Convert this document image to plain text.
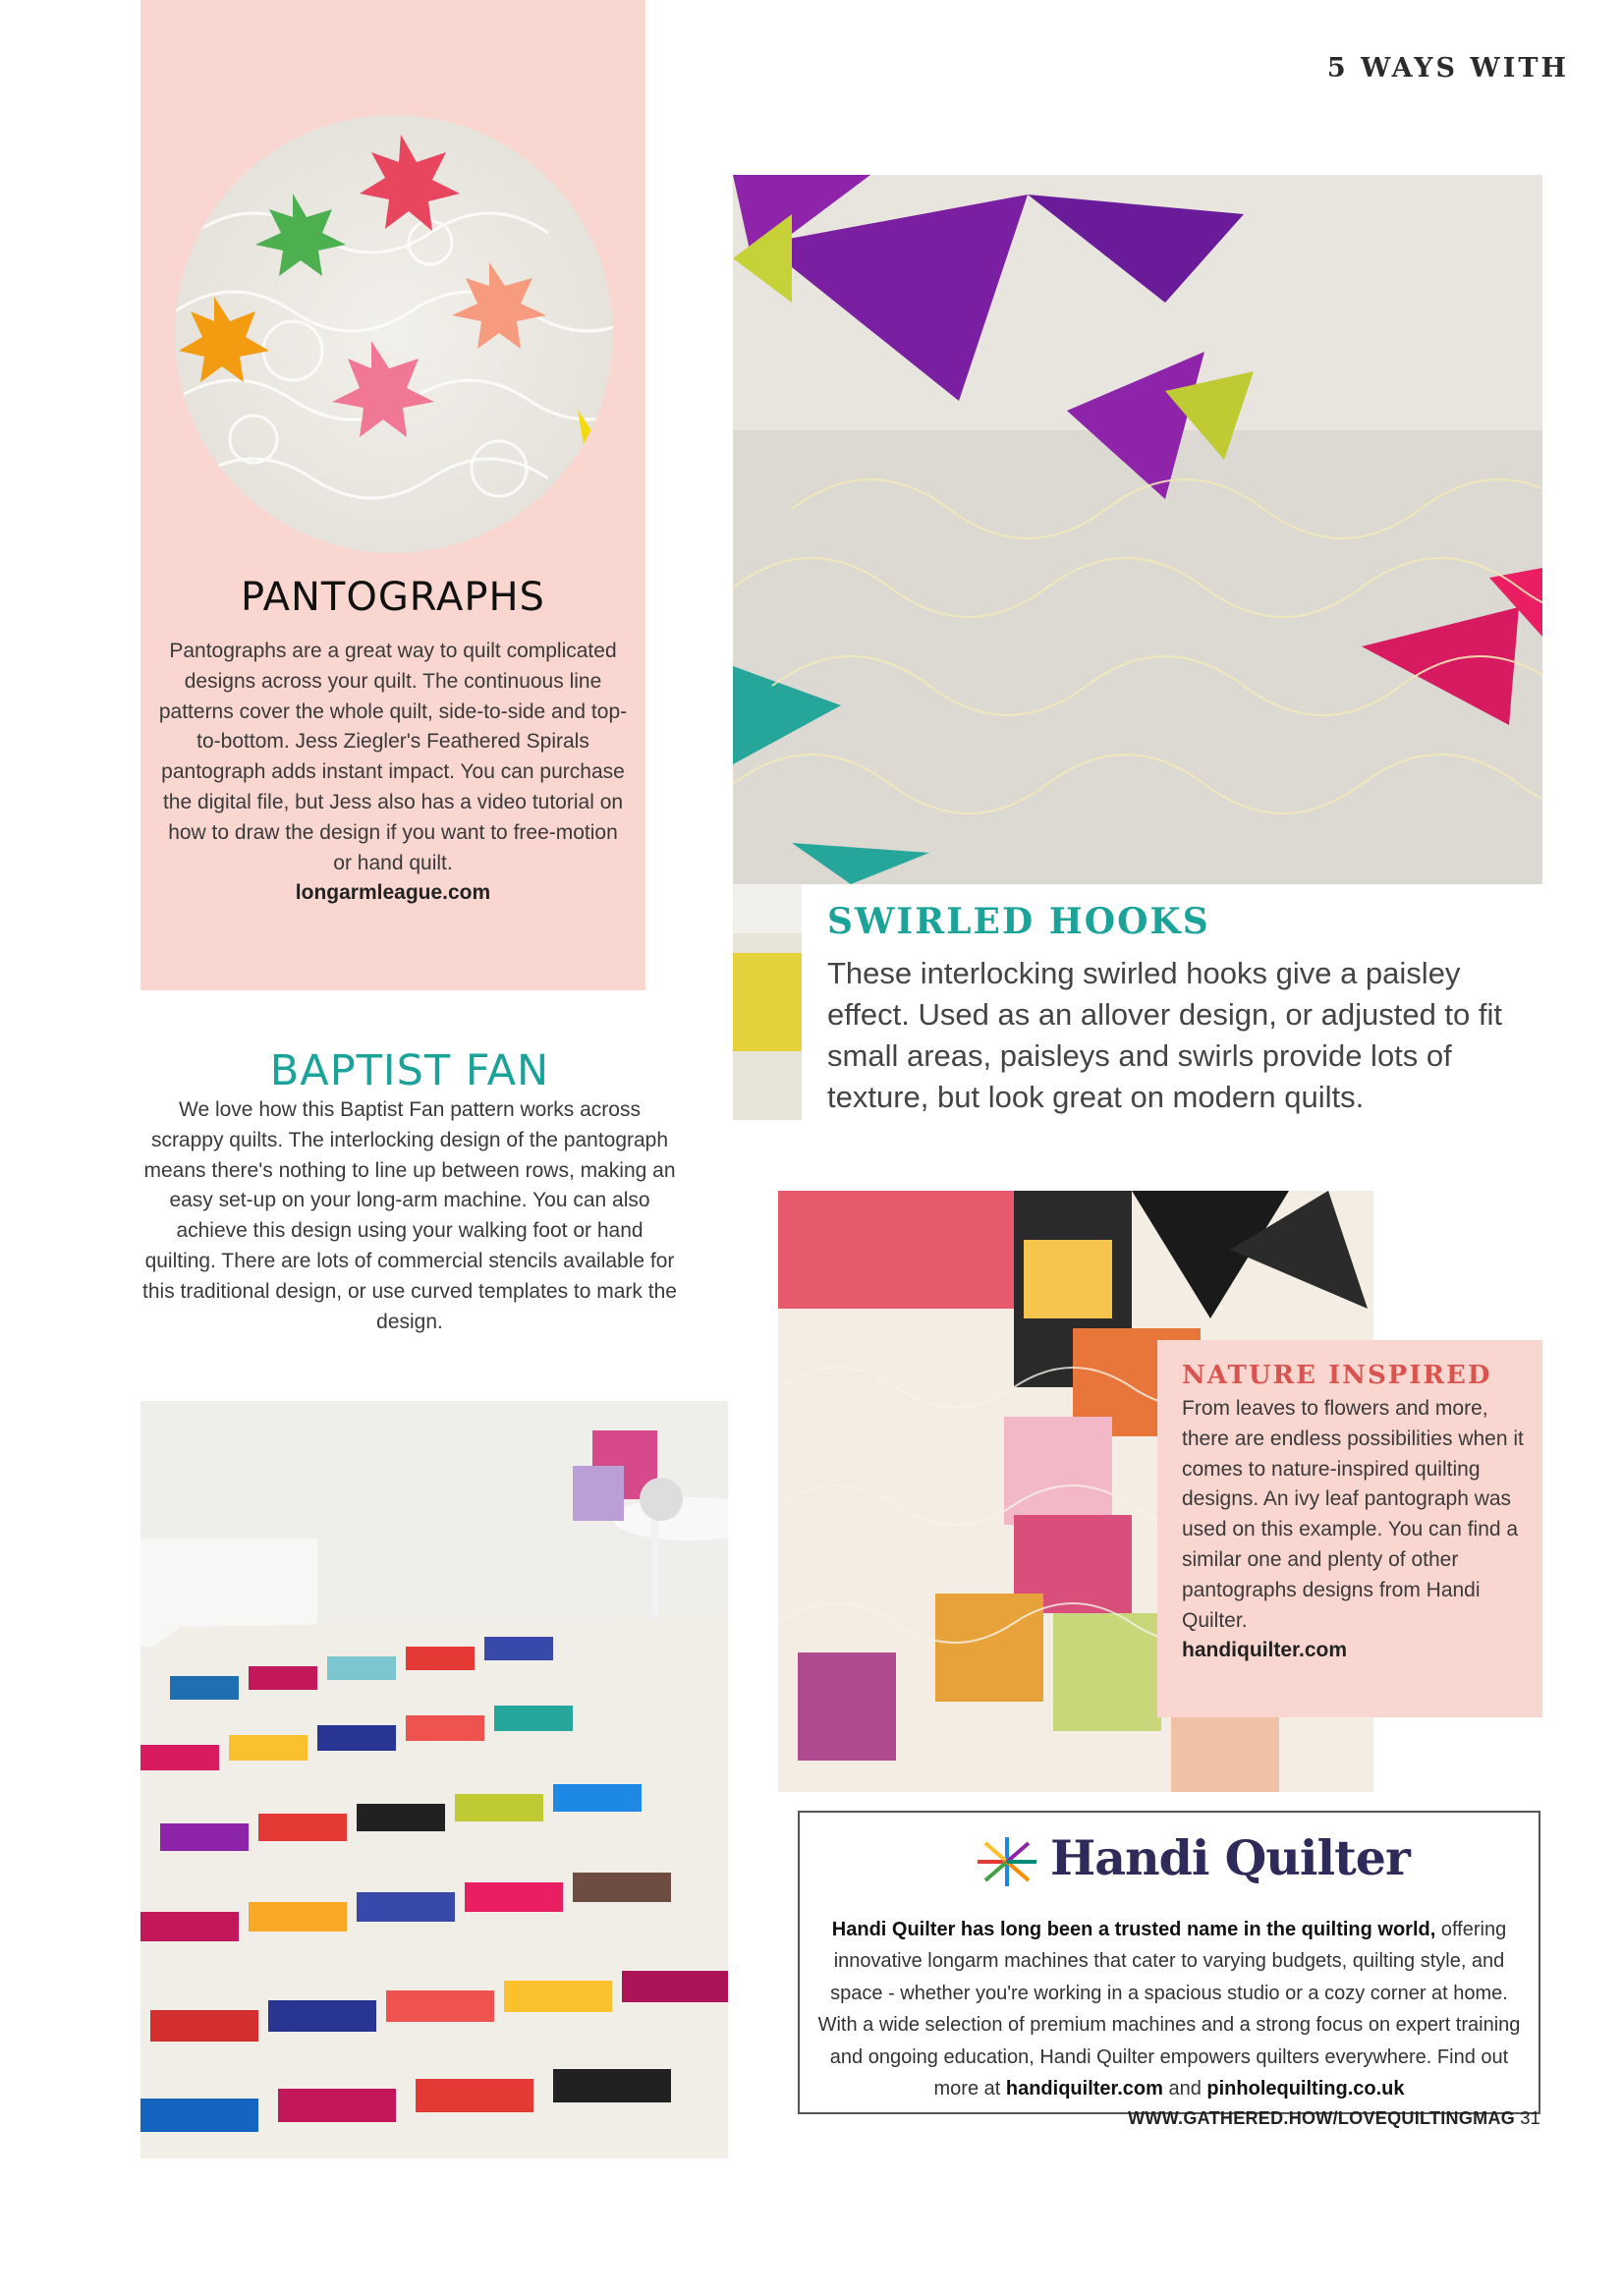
5 WAYS WITH
PANTOGRAPHS
Pantographs are a great way to quilt complicated designs across your quilt. The continuous line patterns cover the whole quilt, side-to-side and top-to-bottom. Jess Ziegler's Feathered Spirals pantograph adds instant impact. You can purchase the digital file, but Jess also has a video tutorial on how to draw the design if you want to free-motion or hand quilt.
longarmleague.com
BAPTIST FAN
We love how this Baptist Fan pattern works across scrappy quilts. The interlocking design of the pantograph means there's nothing to line up between rows, making an easy set-up on your long-arm machine. You can also achieve this design using your walking foot or hand quilting. There are lots of commercial stencils available for this traditional design, or use curved templates to mark the design.
SWIRLED HOOKS
These interlocking swirled hooks give a paisley effect. Used as an allover design, or adjusted to fit small areas, paisleys and swirls provide lots of texture, but look great on modern quilts.
NATURE INSPIRED
From leaves to flowers and more, there are endless possibilities when it comes to nature-inspired quilting designs. An ivy leaf pantograph was used on this example. You can find a similar one and plenty of other pantographs designs from Handi Quilter.
handiquilter.com
Handi Quilter
Handi Quilter has long been a trusted name in the quilting world, offering innovative longarm machines that cater to varying budgets, quilting style, and space - whether you're working in a spacious studio or a cozy corner at home. With a wide selection of premium machines and a strong focus on expert training and ongoing education, Handi Quilter empowers quilters everywhere. Find out more at handiquilter.com and pinholequilting.co.uk
WWW.GATHERED.HOW/LOVEQUILTINGMAG 31
